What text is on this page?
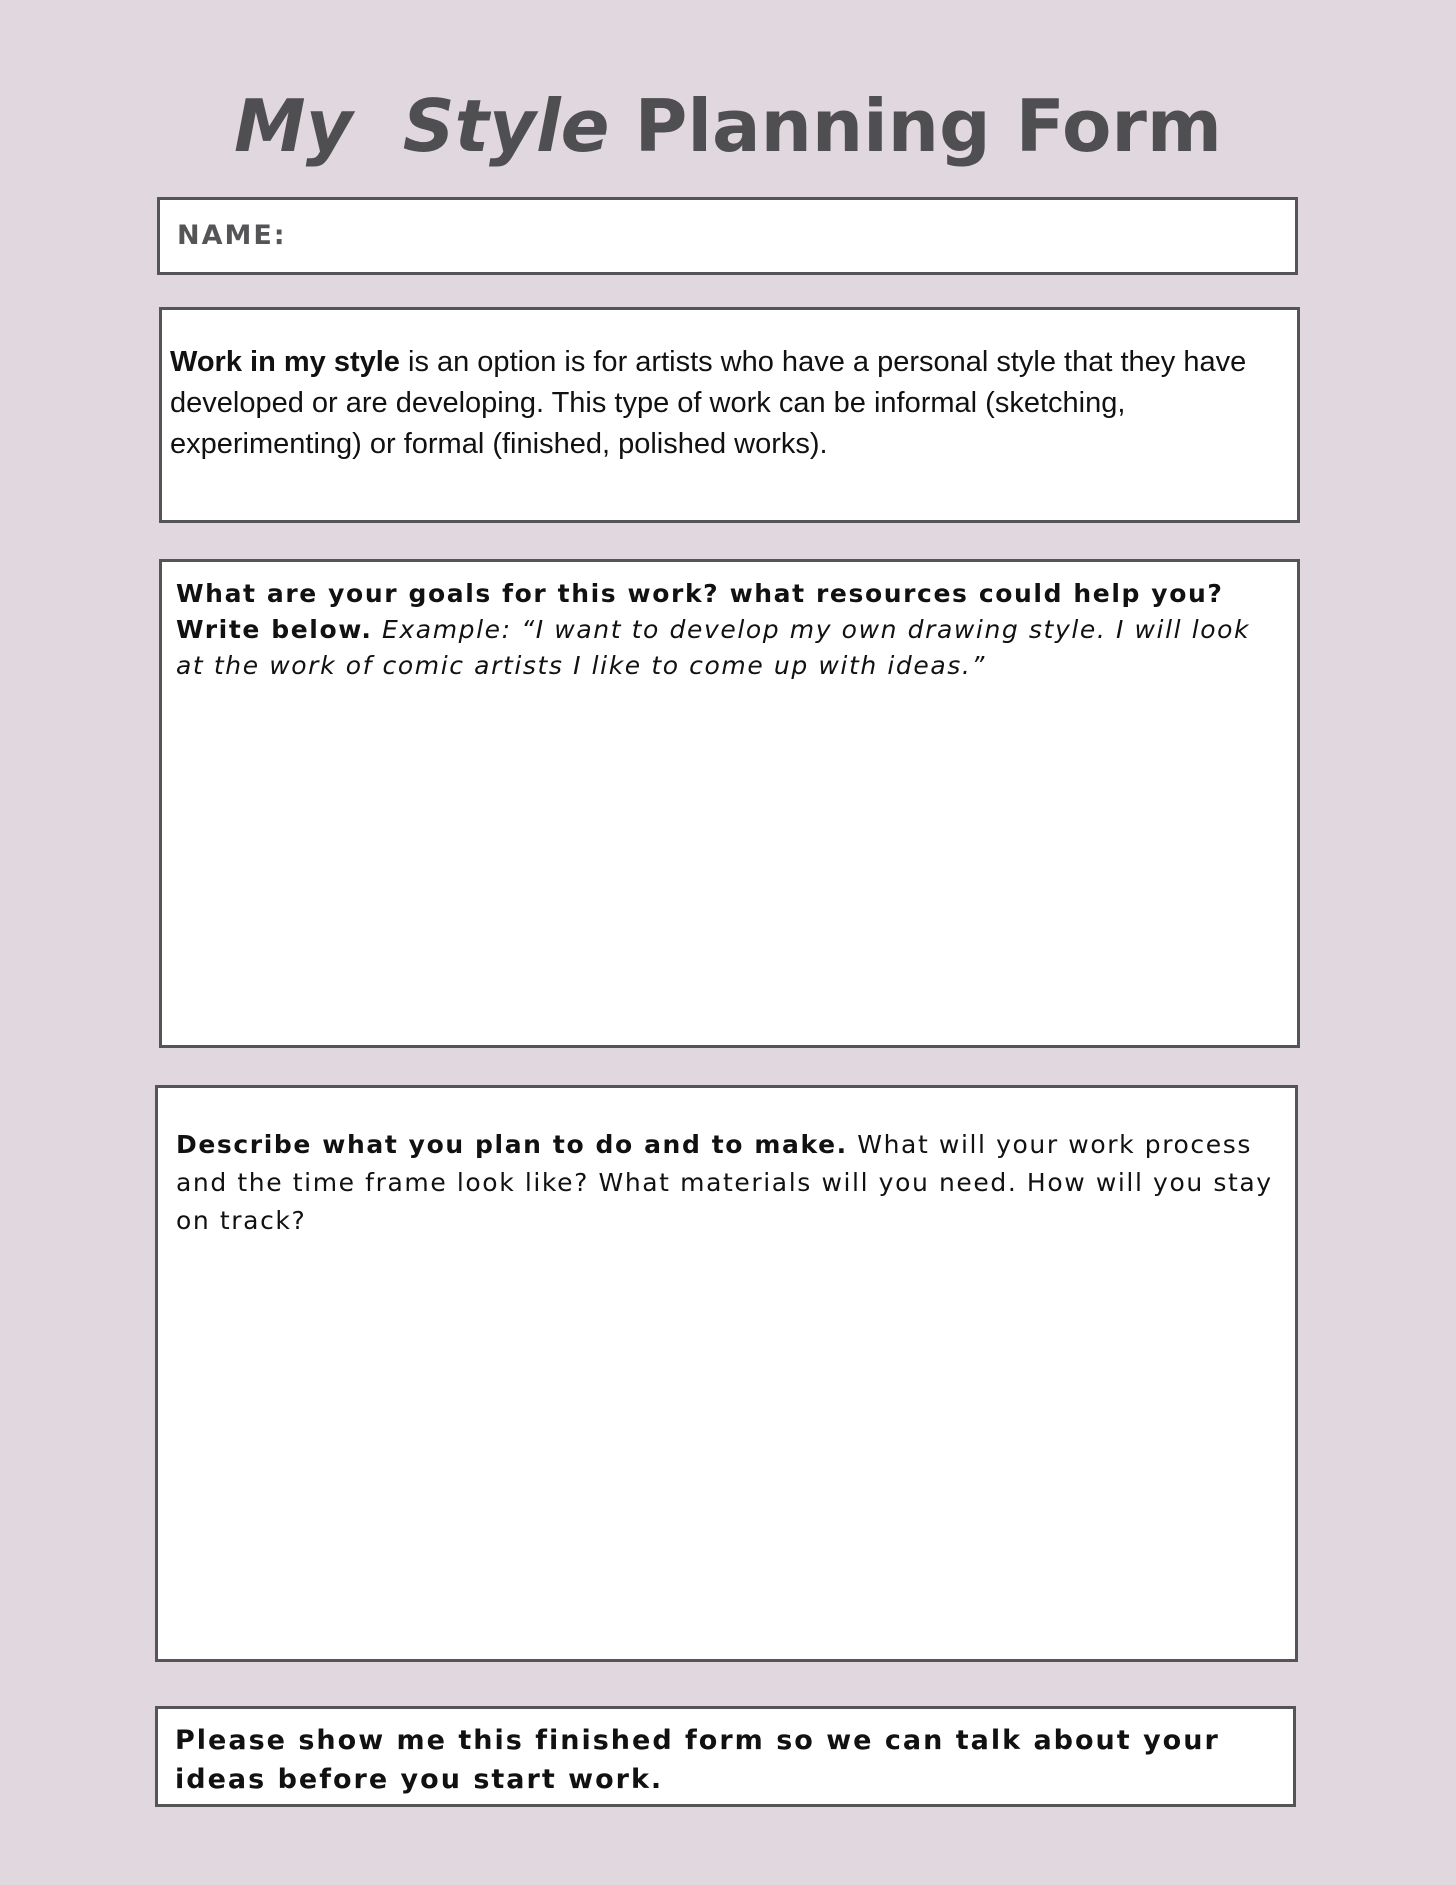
My Style Planning Form
NAME:
Work in my style is an option is for artists who have a personal style that they have developed or are developing. This type of work can be informal (sketching, experimenting) or formal (finished, polished works).
What are your goals for this work? what resources could help you? Write below. Example: “I want to develop my own drawing style. I will look at the work of comic artists I like to come up with ideas.”
Describe what you plan to do and to make. What will your work process and the time frame look like? What materials will you need. How will you stay on track?
Please show me this finished form so we can talk about your ideas before you start work.
